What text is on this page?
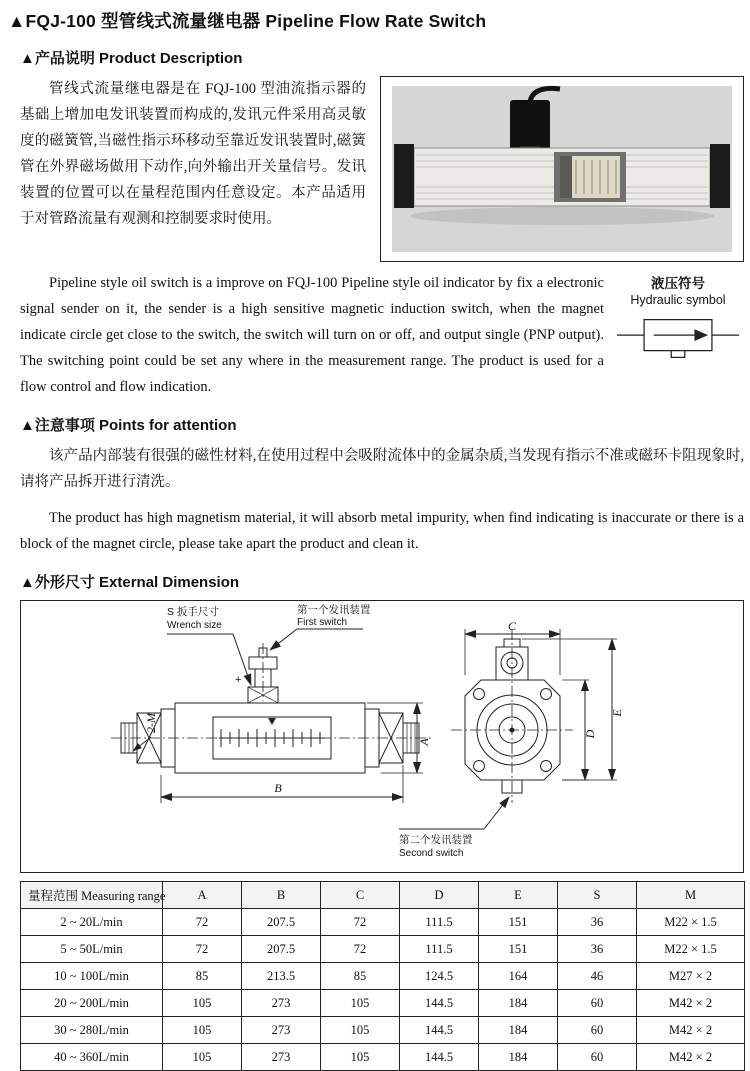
▲FQJ-100 型管线式流量继电器 Pipeline Flow Rate Switch
▲产品说明 Product Description

管线式流量继电器是在 FQJ-100 型油流指示器的基础上增加电发讯装置而构成的,发讯元件采用高灵敏度的磁簧管,当磁性指示环移动至靠近发讯装置时,磁簧管在外界磁场做用下动作,向外输出开关量信号。发讯装置的位置可以在量程范围内任意设定。本产品适用于对管路流量有观测和控制要求时使用。

液压符号
Hydraulic symbol

Pipeline style oil switch is a improve on FQJ-100 Pipeline style oil indicator by fix a electronic signal sender on it, the sender is a high sensitive magnetic induction switch, when the magnet indicate circle get close to the switch, the switch will turn on or off, and output single (PNP output). The switching point could be set any where in the measurement range. The product is used for a flow control and flow indication.

▲注意事项 Points for attention

该产品内部装有很强的磁性材料,在使用过程中会吸附流体中的金属杂质,当发现有指示不准或磁环卡阻现象时,请将产品拆开进行清洗。

The product has high magnetism material, it will absorb metal impurity, when find indicating is inaccurate or there is a block of the magnet circle, please take apart the product and clean it.

▲外形尺寸 External Dimension
S 扳手尺寸
Wrench size
第一个发讯装置
First switch
+
第二个发讯装置
Second switch
B
A
2-M
C
D
E
量程范围 Measuring range	A	B	C	D	E	S	M
2 ~ 20L/min	72	207.5	72	111.5	151	36	M22 × 1.5
5 ~ 50L/min	72	207.5	72	111.5	151	36	M22 × 1.5
10 ~ 100L/min	85	213.5	85	124.5	164	46	M27 × 2
20 ~ 200L/min	105	273	105	144.5	184	60	M42 × 2
30 ~ 280L/min	105	273	105	144.5	184	60	M42 × 2
40 ~ 360L/min	105	273	105	144.5	184	60	M42 × 2
